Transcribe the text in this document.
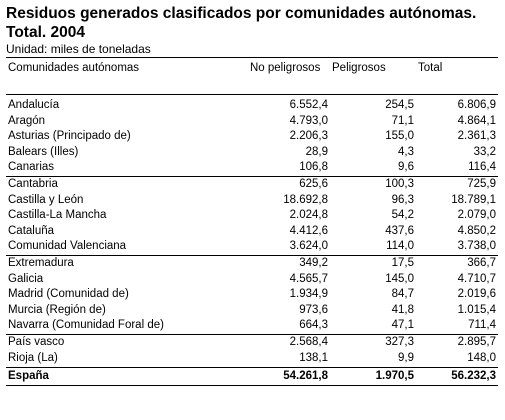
Residuos generados clasificados por comunidades autónomas. Total. 2004
Unidad: miles de toneladas
Comunidades autónomas	No peligrosos	Peligrosos	Total
Andalucía	6.552,4	254,5	6.806,9
Aragón	4.793,0	71,1	4.864,1
Asturias (Principado de)	2.206,3	155,0	2.361,3
Balears (Illes)	28,9	4,3	33,2
Canarias	106,8	9,6	116,4
Cantabria	625,6	100,3	725,9
Castilla y León	18.692,8	96,3	18.789,1
Castilla-La Mancha	2.024,8	54,2	2.079,0
Cataluña	4.412,6	437,6	4.850,2
Comunidad Valenciana	3.624,0	114,0	3.738,0
Extremadura	349,2	17,5	366,7
Galicia	4.565,7	145,0	4.710,7
Madrid (Comunidad de)	1.934,9	84,7	2.019,6
Murcia (Región de)	973,6	41,8	1.015,4
Navarra (Comunidad Foral de)	664,3	47,1	711,4
País vasco	2.568,4	327,3	2.895,7
Rioja (La)	138,1	9,9	148,0
España	54.261,8	1.970,5	56.232,3
